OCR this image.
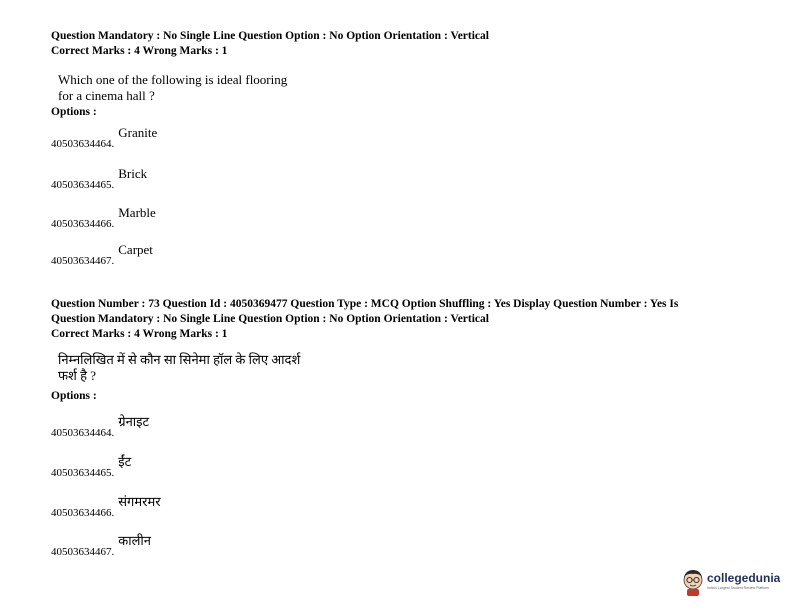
Question Mandatory : No Single Line Question Option : No Option Orientation : Vertical
Correct Marks : 4 Wrong Marks : 1
Which one of the following is ideal flooring
for a cinema hall ?
Options :
40503634464.$^{Granite}$
40503634465.$^{Brick}$
40503634466.$^{Marble}$
40503634467.$^{Carpet}$
Question Number : 73 Question Id : 4050369477 Question Type : MCQ Option Shuffling : Yes Display Question Number : Yes Is
Question Mandatory : No Single Line Question Option : No Option Orientation : Vertical
Correct Marks : 4 Wrong Marks : 1
निम्नलिखित में से कौन सा सिनेमा हॉल के लिए आदर्श
फर्श है ?
Options :
40503634464.$^{ग्रेनाइट}$
40503634465.$^{ईंट}$
40503634466.$^{संगमरमर}$
40503634467.$^{कालीन}$
collegedunia
India's Largest Student Review Platform
